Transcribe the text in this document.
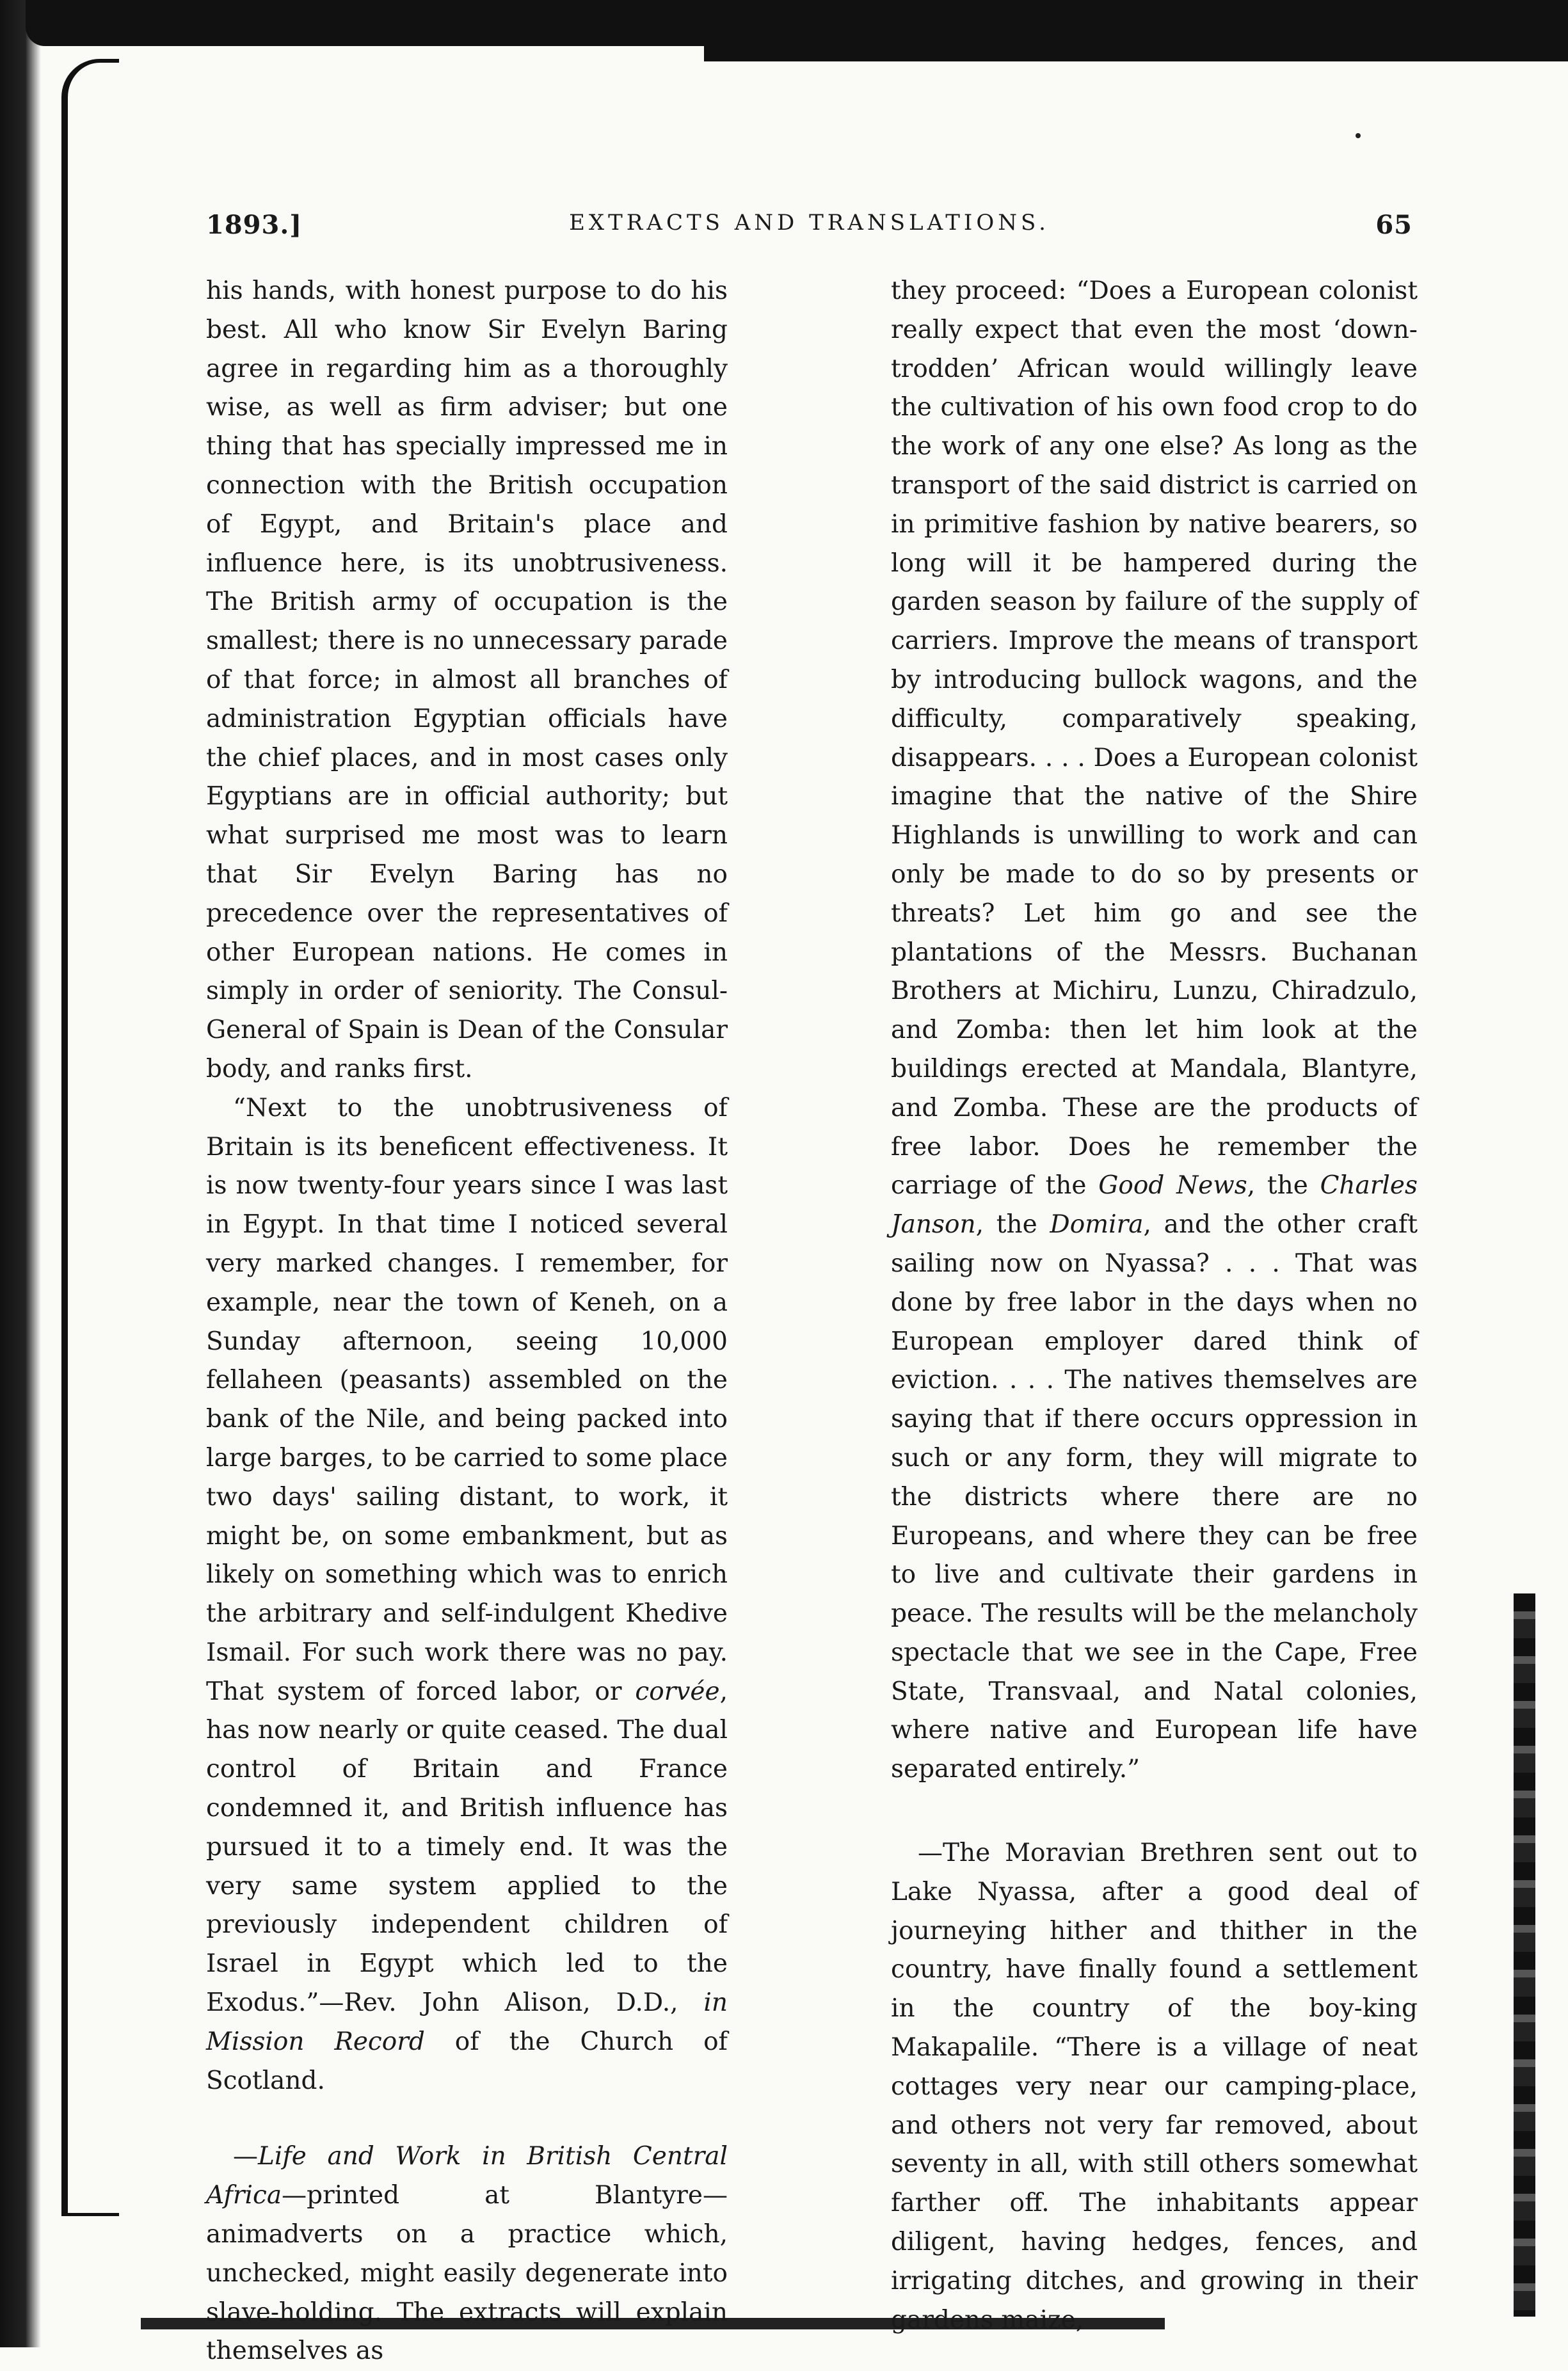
1893.]	EXTRACTS AND TRANSLATIONS.	65

his hands, with honest purpose to do his best. All who know Sir Evelyn Baring agree in regarding him as a thoroughly wise, as well as firm adviser; but one thing that has specially impressed me in connection with the British occupation of Egypt, and Britain's place and influence here, is its unobtrusiveness. The British army of occupation is the smallest; there is no unnecessary parade of that force; in almost all branches of administration Egyptian officials have the chief places, and in most cases only Egyptians are in official authority; but what surprised me most was to learn that Sir Evelyn Baring has no precedence over the representatives of other European nations. He comes in simply in order of seniority. The Consul-General of Spain is Dean of the Consular body, and ranks first.

“Next to the unobtrusiveness of Britain is its beneficent effectiveness. It is now twenty-four years since I was last in Egypt. In that time I noticed several very marked changes. I remember, for example, near the town of Keneh, on a Sunday afternoon, seeing 10,000 fellaheen (peasants) assembled on the bank of the Nile, and being packed into large barges, to be carried to some place two days' sailing distant, to work, it might be, on some embankment, but as likely on something which was to enrich the arbitrary and self-indulgent Khedive Ismail. For such work there was no pay. That system of forced labor, or corvée, has now nearly or quite ceased. The dual control of Britain and France condemned it, and British influence has pursued it to a timely end. It was the very same system applied to the previously independent children of Israel in Egypt which led to the Exodus.”—Rev. John Alison, D.D., in Mission Record of the Church of Scotland.

—Life and Work in British Central Africa—printed at Blantyre—animadverts on a practice which, unchecked, might easily degenerate into slave-holding. The extracts will explain themselves as

they proceed: “Does a European colonist really expect that even the most ‘down-trodden’ African would willingly leave the cultivation of his own food crop to do the work of any one else? As long as the transport of the said district is carried on in primitive fashion by native bearers, so long will it be hampered during the garden season by failure of the supply of carriers. Improve the means of transport by introducing bullock wagons, and the difficulty, comparatively speaking, disappears. . . . Does a European colonist imagine that the native of the Shire Highlands is unwilling to work and can only be made to do so by presents or threats? Let him go and see the plantations of the Messrs. Buchanan Brothers at Michiru, Lunzu, Chiradzulo, and Zomba: then let him look at the buildings erected at Mandala, Blantyre, and Zomba. These are the products of free labor. Does he remember the carriage of the Good News, the Charles Janson, the Domira, and the other craft sailing now on Nyassa? . . . That was done by free labor in the days when no European employer dared think of eviction. . . . The natives themselves are saying that if there occurs oppression in such or any form, they will migrate to the districts where there are no Europeans, and where they can be free to live and cultivate their gardens in peace. The results will be the melancholy spectacle that we see in the Cape, Free State, Transvaal, and Natal colonies, where native and European life have separated entirely.”

—The Moravian Brethren sent out to Lake Nyassa, after a good deal of journeying hither and thither in the country, have finally found a settlement in the country of the boy-king Makapalile. “There is a village of neat cottages very near our camping-place, and others not very far removed, about seventy in all, with still others somewhat farther off. The inhabitants appear diligent, having hedges, fences, and irrigating ditches, and growing in their gardens maize,
